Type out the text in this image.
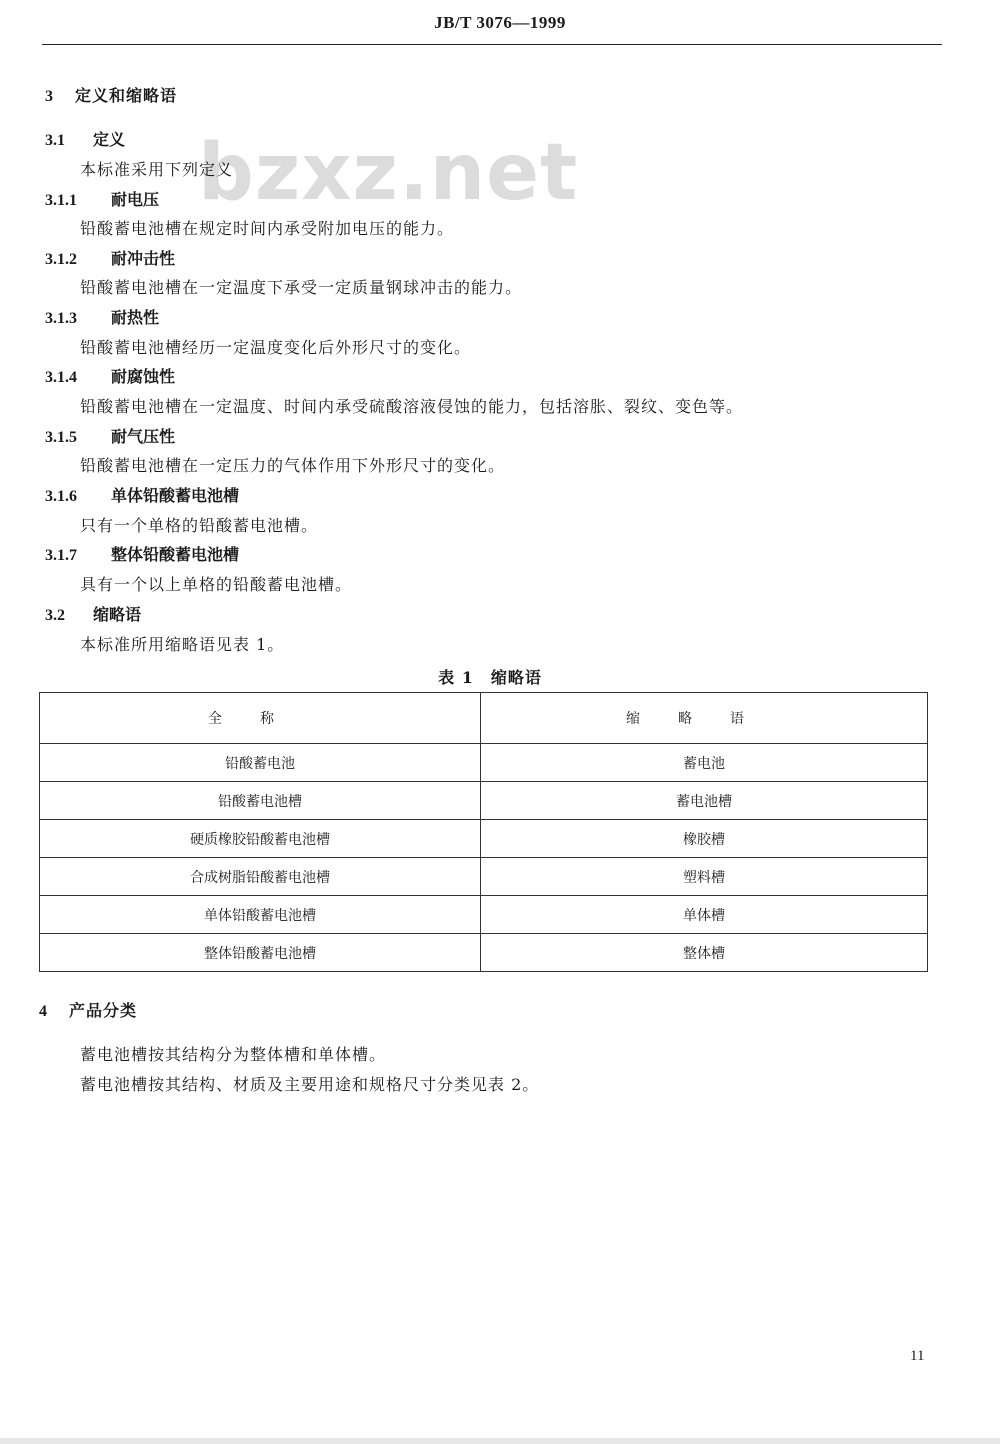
JB/T 3076—1999
bzxz.net
3 定义和缩略语
3.1 定义
本标准采用下列定义
3.1.1 耐电压
铅酸蓄电池槽在规定时间内承受附加电压的能力。
3.1.2 耐冲击性
铅酸蓄电池槽在一定温度下承受一定质量钢球冲击的能力。
3.1.3 耐热性
铅酸蓄电池槽经历一定温度变化后外形尺寸的变化。
3.1.4 耐腐蚀性
铅酸蓄电池槽在一定温度、时间内承受硫酸溶液侵蚀的能力，包括溶胀、裂纹、变色等。
3.1.5 耐气压性
铅酸蓄电池槽在一定压力的气体作用下外形尺寸的变化。
3.1.6 单体铅酸蓄电池槽
只有一个单格的铅酸蓄电池槽。
3.1.7 整体铅酸蓄电池槽
具有一个以上单格的铅酸蓄电池槽。
3.2 缩略语
本标准所用缩略语见表 1。
表 1　缩略语
全称	缩略语
铅酸蓄电池	蓄电池
铅酸蓄电池槽	蓄电池槽
硬质橡胶铅酸蓄电池槽	橡胶槽
合成树脂铅酸蓄电池槽	塑料槽
单体铅酸蓄电池槽	单体槽
整体铅酸蓄电池槽	整体槽
4 产品分类
蓄电池槽按其结构分为整体槽和单体槽。
蓄电池槽按其结构、材质及主要用途和规格尺寸分类见表 2。
11
